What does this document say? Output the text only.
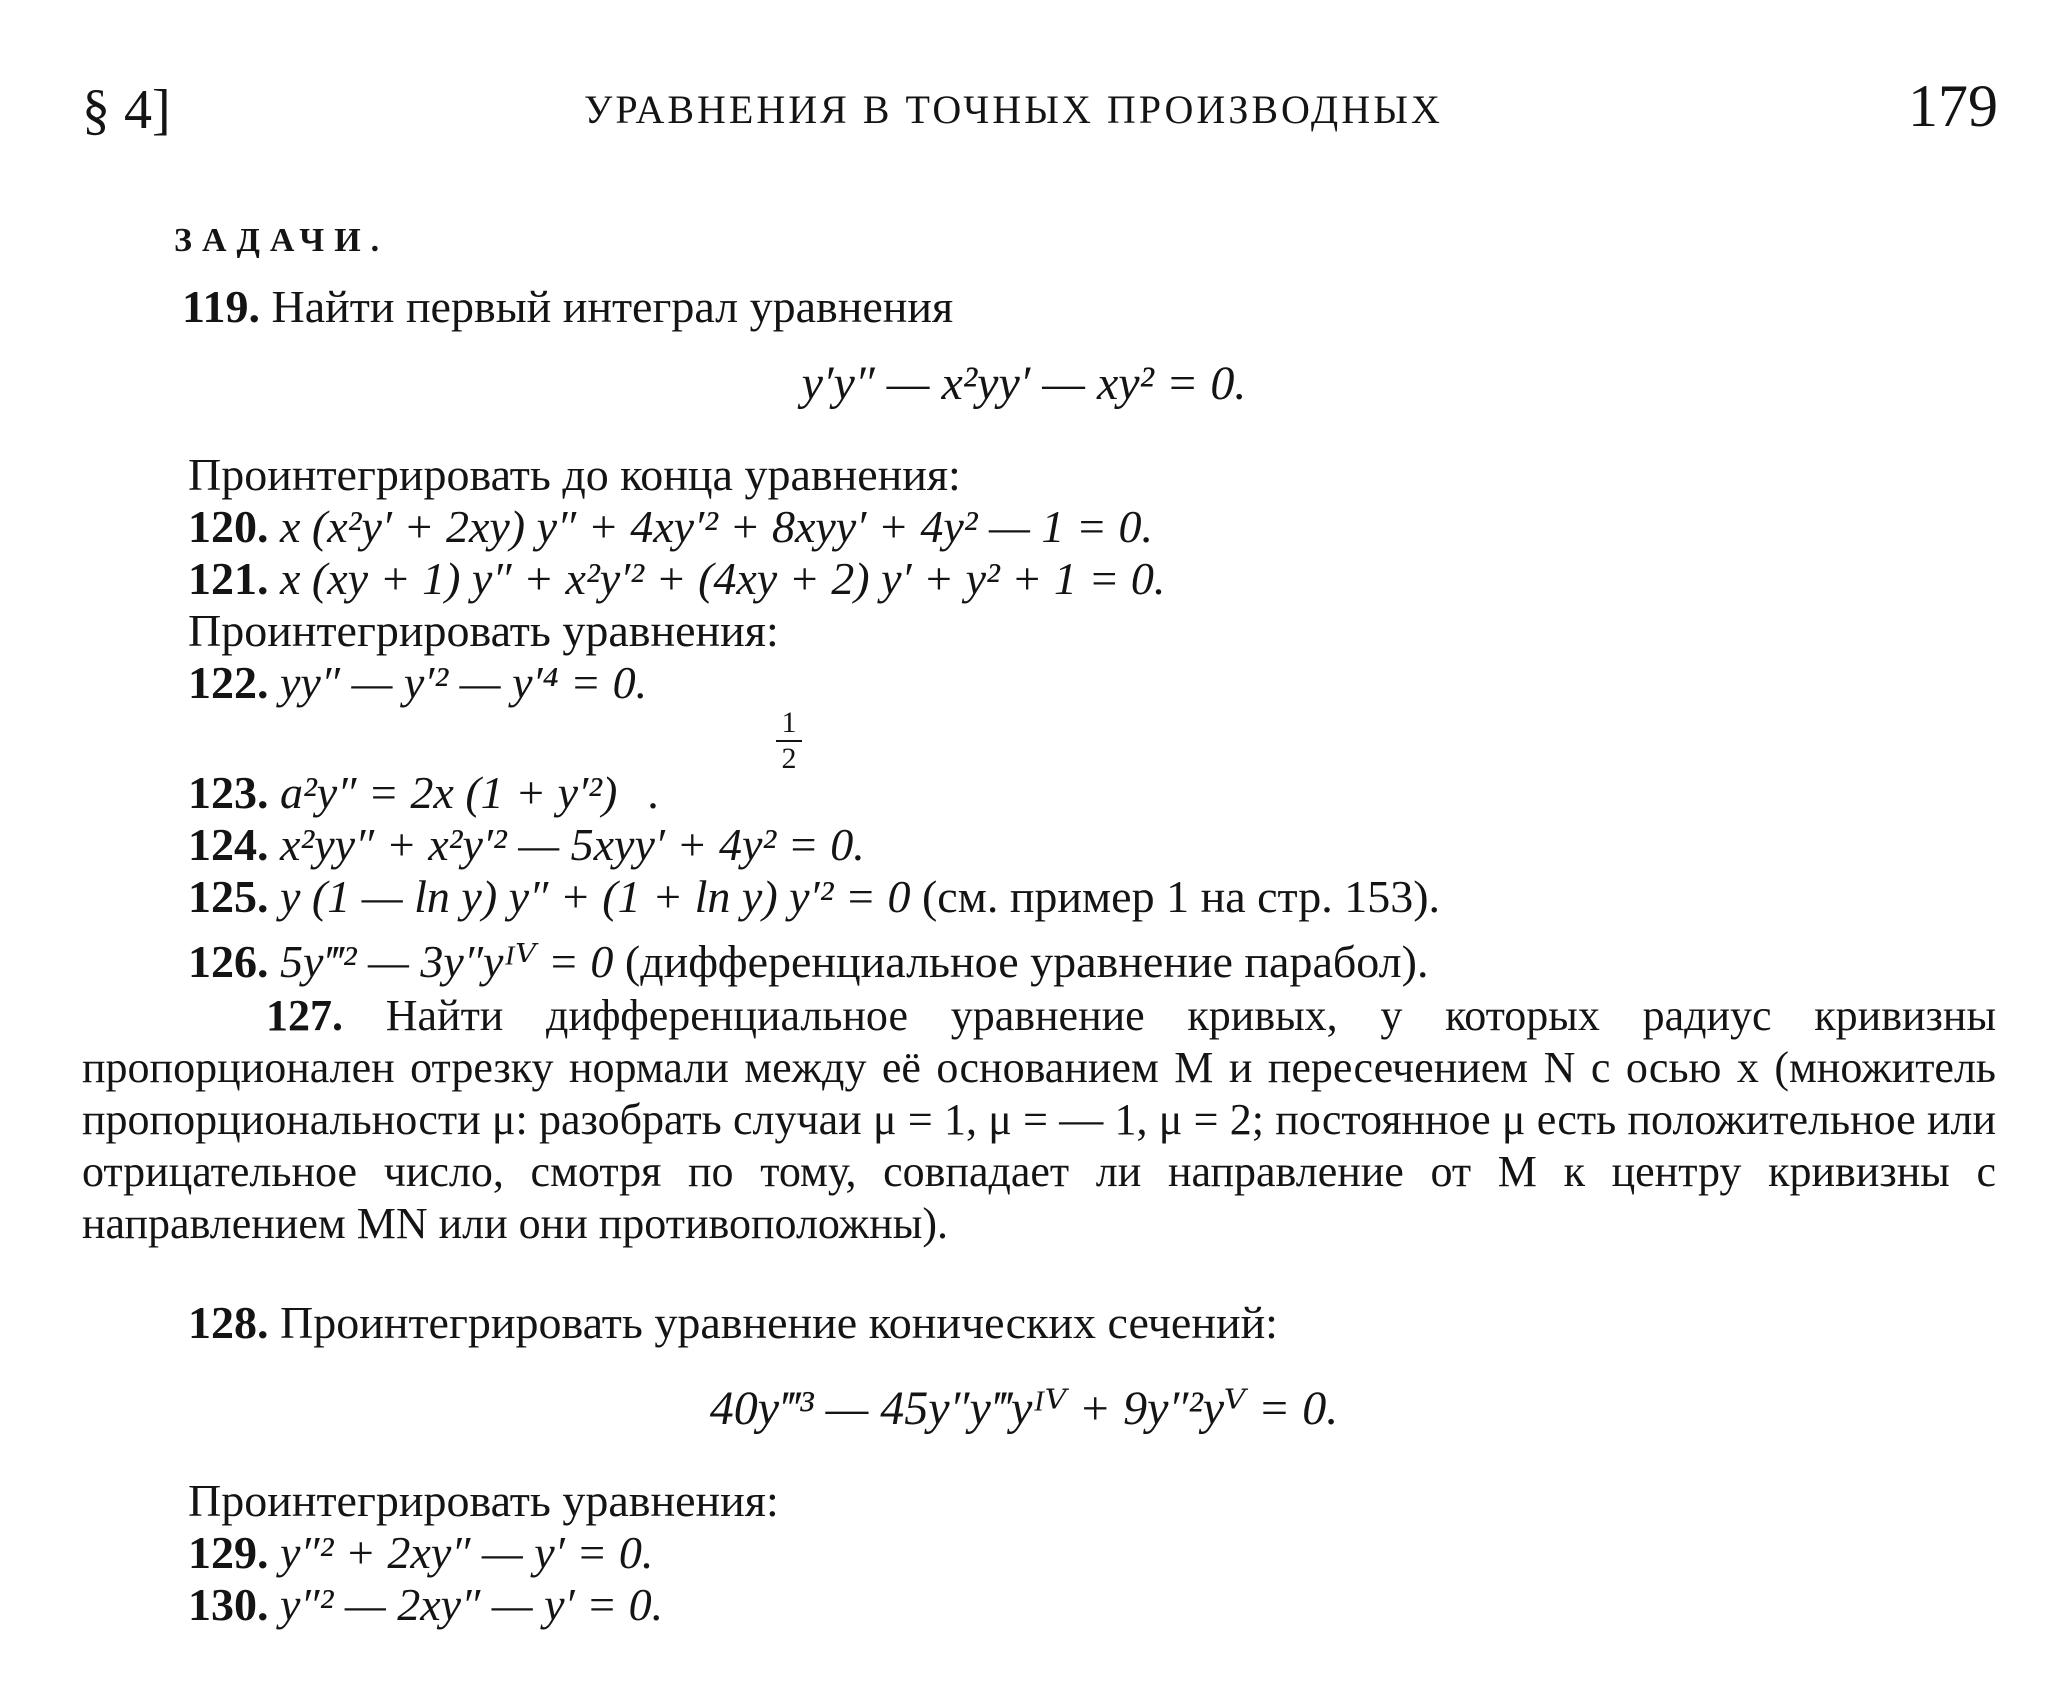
§ 4]	УРАВНЕНИЯ В ТОЧНЫХ ПРОИЗВОДНЫХ	179
ЗАДАЧИ.
119. Найти первый интеграл уравнения
y′y″ — x²yy′ — xy² = 0.
Проинтегрировать до конца уравнения:
120. x (x²y′ + 2xy) y″ + 4xy′² + 8xyy′ + 4y² — 1 = 0.
121. x (xy + 1) y″ + x²y′² + (4xy + 2) y′ + y² + 1 = 0.
Проинтегрировать уравнения:
122. yy″ — y′² — y′⁴ = 0.
1
2
123. a²y″ = 2x (1 + y′²) .
124. x²yy″ + x²y′² — 5xyy′ + 4y² = 0.
125. y (1 — ln y) y″ + (1 + ln y) y′² = 0 (см. пример 1 на стр. 153).
126. 5y‴² — 3y″yᴵⱽ = 0 (дифференциальное уравнение парабол).
127. Найти дифференциальное уравнение кривых, у которых радиус кривизны пропорционален отрезку нормали между её основанием M и пересечением N с осью x (множитель пропорциональности μ: разобрать случаи μ = 1, μ = — 1, μ = 2; постоянное μ есть положительное или отрицательное число, смотря по тому, совпадает ли направление от M к центру кривизны с направлением MN или они противоположны).
128. Проинтегрировать уравнение конических сечений:
40y‴³ — 45y″y‴yᴵⱽ + 9y″²yⱽ = 0.
Проинтегрировать уравнения:
129. y″² + 2xy″ — y′ = 0.
130. y″² — 2xy″ — y′ = 0.
